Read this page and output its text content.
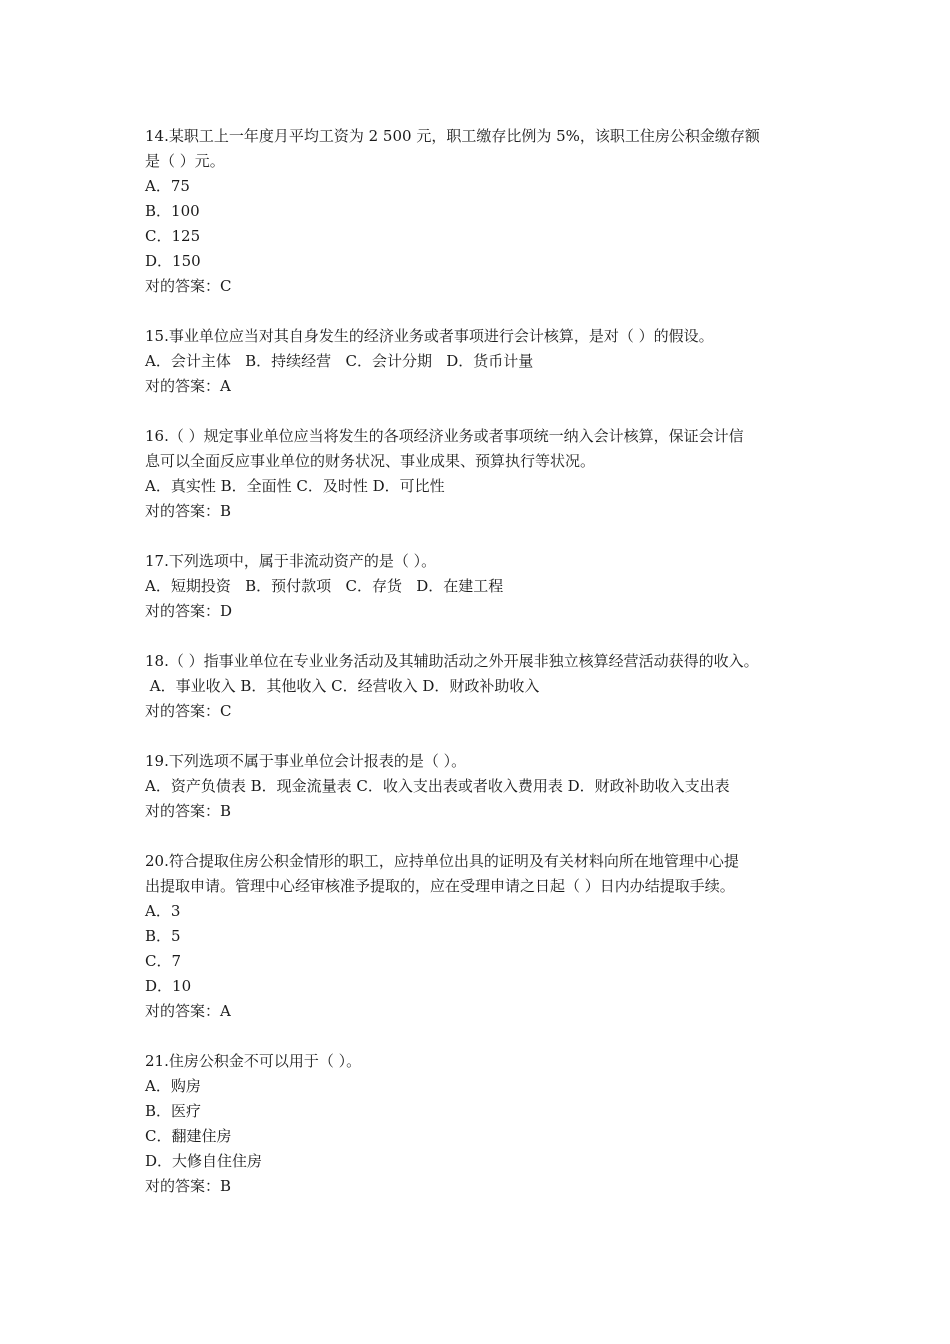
14.某职工上一年度月平均工资为 2 500 元，职工缴存比例为 5%，该职工住房公积金缴存额
是（ ）元。
A．75
B．100
C．125
D．150
对的答案：C
15.事业单位应当对其自身发生的经济业务或者事项进行会计核算，是对（ ）的假设。
A．会计主体   B．持续经营   C．会计分期   D．货币计量
对的答案：A
16.（ ）规定事业单位应当将发生的各项经济业务或者事项统一纳入会计核算，保证会计信
息可以全面反应事业单位的财务状况、事业成果、预算执行等状况。
A．真实性 B．全面性 C．及时性 D．可比性
对的答案：B
17.下列选项中，属于非流动资产的是（ ）。
A．短期投资   B．预付款项   C．存货   D．在建工程
对的答案：D
18.（ ）指事业单位在专业业务活动及其辅助活动之外开展非独立核算经营活动获得的收入。
A．事业收入 B．其他收入 C．经营收入 D．财政补助收入
对的答案：C
19.下列选项不属于事业单位会计报表的是（ ）。
A．资产负债表 B．现金流量表 C．收入支出表或者收入费用表 D．财政补助收入支出表
对的答案：B
20.符合提取住房公积金情形的职工，应持单位出具的证明及有关材料向所在地管理中心提
出提取申请。管理中心经审核准予提取的，应在受理申请之日起（ ）日内办结提取手续。
A．3
B．5
C．7
D．10
对的答案：A
21.住房公积金不可以用于（ ）。
A．购房
B．医疗
C．翻建住房
D．大修自住住房
对的答案：B
